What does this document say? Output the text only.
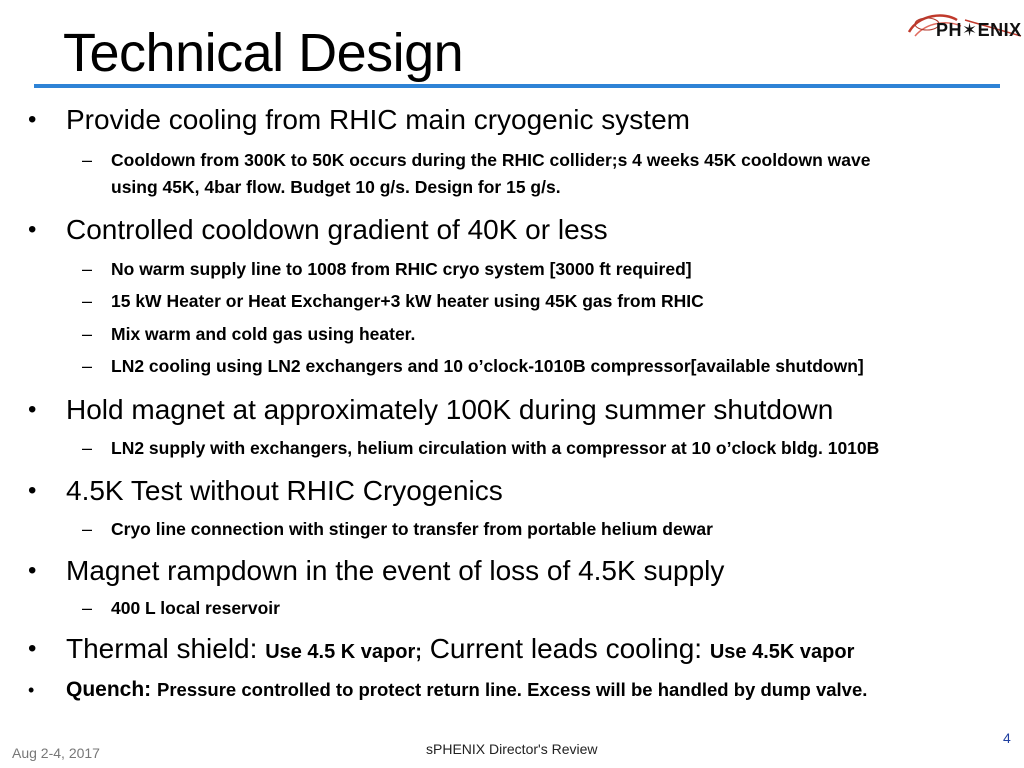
Technical Design	PH✶ENIX
• Provide cooling from RHIC main cryogenic system
– Cooldown from 300K to 50K occurs during the RHIC collider;s 4 weeks 45K cooldown wave
using 45K, 4bar flow. Budget 10 g/s. Design for 15 g/s.
• Controlled cooldown gradient of 40K or less
– No warm supply line to 1008 from RHIC cryo system [3000 ft required]
– 15 kW Heater or Heat Exchanger+3 kW heater using 45K gas from RHIC
– Mix warm and cold gas using heater.
– LN2 cooling using LN2 exchangers and 10 o’clock-1010B compressor[available shutdown]
• Hold magnet at approximately 100K during summer shutdown
– LN2 supply with exchangers, helium circulation with a compressor at 10 o’clock bldg. 1010B
• 4.5K Test without RHIC Cryogenics
– Cryo line connection with stinger to transfer from portable helium dewar
• Magnet rampdown in the event of loss of 4.5K supply
– 400 L local reservoir
• Thermal shield: Use 4.5 K vapor; Current leads cooling: Use 4.5K vapor
• Quench: Pressure controlled to protect return line. Excess will be handled by dump valve.
Aug 2-4, 2017	sPHENIX Director's Review
4
